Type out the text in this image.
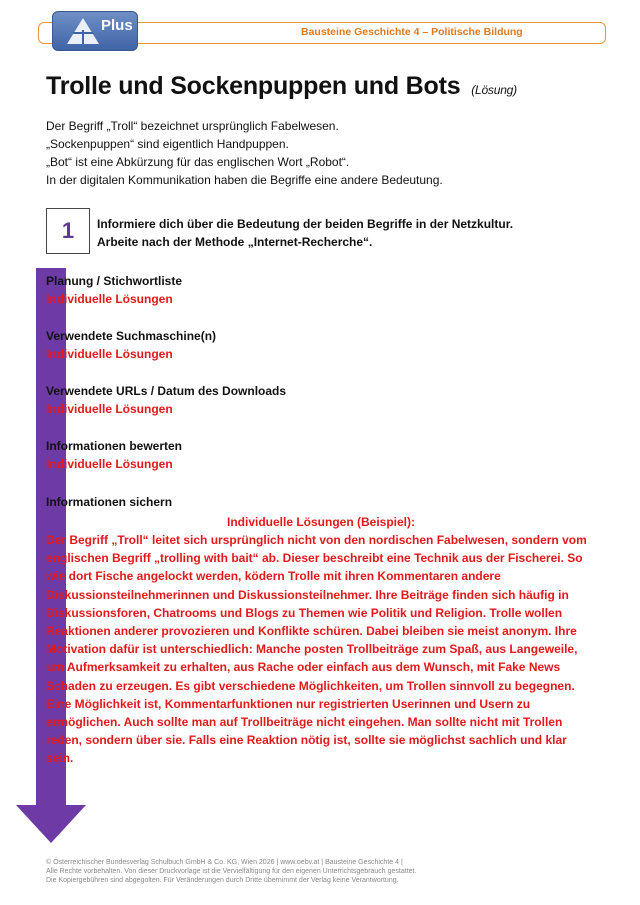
Bausteine Geschichte 4 – Politische Bildung
Plus
Trolle und Sockenpuppen und Bots (Lösung)
Der Begriff „Troll“ bezeichnet ursprünglich Fabelwesen.
„Sockenpuppen“ sind eigentlich Handpuppen.
„Bot“ ist eine Abkürzung für das englischen Wort „Robot“.
In der digitalen Kommunikation haben die Begriffe eine andere Bedeutung.
1 Informiere dich über die Bedeutung der beiden Begriffe in der Netzkultur.
Arbeite nach der Methode „Internet-Recherche“.
Planung / Stichwortliste
Individuelle Lösungen
Verwendete Suchmaschine(n)
Individuelle Lösungen
Verwendete URLs / Datum des Downloads
Individuelle Lösungen
Informationen bewerten
Individuelle Lösungen
Informationen sichern
Individuelle Lösungen (Beispiel):
Der Begriff „Troll“ leitet sich ursprünglich nicht von den nordischen Fabelwesen, sondern vom englischen Begriff „trolling with bait“ ab. Dieser beschreibt eine Technik aus der Fischerei. So wie dort Fische angelockt werden, ködern Trolle mit ihren Kommentaren andere Diskussionsteilnehmerinnen und Diskussionsteilnehmer. Ihre Beiträge finden sich häufig in Diskussionsforen, Chatrooms und Blogs zu Themen wie Politik und Religion. Trolle wollen Reaktionen anderer provozieren und Konflikte schüren. Dabei bleiben sie meist anonym. Ihre Motivation dafür ist unterschiedlich: Manche posten Trollbeiträge zum Spaß, aus Langeweile, um Aufmerksamkeit zu erhalten, aus Rache oder einfach aus dem Wunsch, mit Fake News Schaden zu erzeugen. Es gibt verschiedene Möglichkeiten, um Trollen sinnvoll zu begegnen. Eine Möglichkeit ist, Kommentarfunktionen nur registrierten Userinnen und Usern zu ermöglichen. Auch sollte man auf Trollbeiträge nicht eingehen. Man sollte nicht mit Trollen reden, sondern über sie. Falls eine Reaktion nötig ist, sollte sie möglichst sachlich und klar sein.
© Österreichischer Bundesverlag Schulbuch GmbH & Co. KG, Wien 2026 | www.oebv.at | Bausteine Geschichte 4 |
Alle Rechte vorbehalten. Von dieser Druckvorlage ist die Vervielfältigung für den eigenen Unterrichtsgebrauch gestattet.
Die Kopiergebühren sind abgegolten. Für Veränderungen durch Dritte übernimmt der Verlag keine Verantwortung.
